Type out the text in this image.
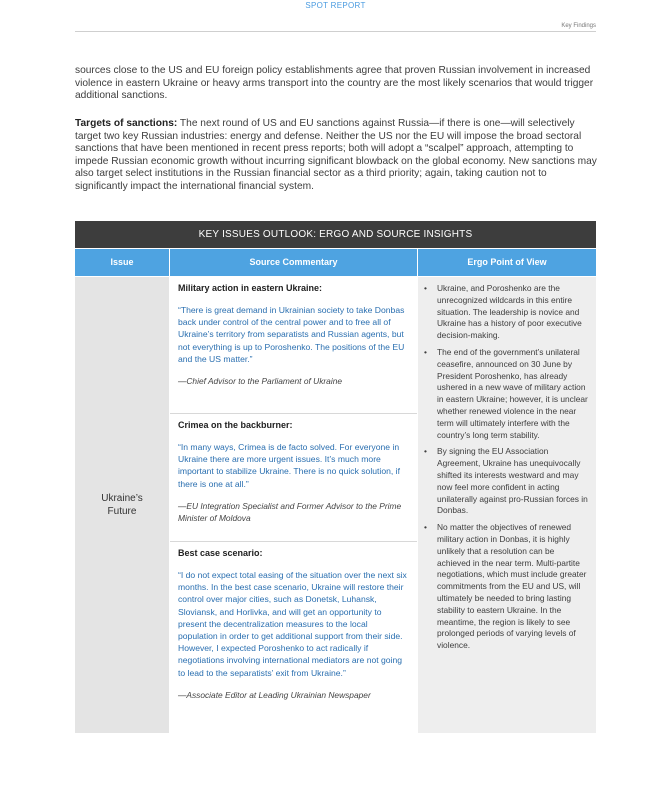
SPOT REPORT
Key Findings
sources close to the US and EU foreign policy establishments agree that proven Russian involvement in increased violence in eastern Ukraine or heavy arms transport into the country are the most likely scenarios that would trigger additional sanctions.
Targets of sanctions: The next round of US and EU sanctions against Russia—if there is one—will selectively target two key Russian industries: energy and defense. Neither the US nor the EU will impose the broad sectoral sanctions that have been mentioned in recent press reports; both will adopt a “scalpel” approach, attempting to impede Russian economic growth without incurring significant blowback on the global economy. New sanctions may also target select institutions in the Russian financial sector as a third priority; again, taking caution not to significantly impact the international financial system.
KEY ISSUES OUTLOOK: ERGO AND SOURCE INSIGHTS
Issue	Source Commentary	Ergo Point of View
Ukraine’s Future
Military action in eastern Ukraine:
“There is great demand in Ukrainian society to take Donbas back under control of the central power and to free all of Ukraine’s territory from separatists and Russian agents, but not everything is up to Poroshenko. The positions of the EU and the US matter.”
—Chief Advisor to the Parliament of Ukraine
Crimea on the backburner:
“In many ways, Crimea is de facto solved. For everyone in Ukraine there are more urgent issues. It’s much more important to stabilize Ukraine. There is no quick solution, if there is one at all.”
—EU Integration Specialist and Former Advisor to the Prime Minister of Moldova
Best case scenario:
“I do not expect total easing of the situation over the next six months. In the best case scenario, Ukraine will restore their control over major cities, such as Donetsk, Luhansk, Sloviansk, and Horlivka, and will get an opportunity to present the decentralization measures to the local population in order to get additional support from their side. However, I expected Poroshenko to act radically if negotiations involving international mediators are not going to lead to the separatists’ exit from Ukraine.”
—Associate Editor at Leading Ukrainian Newspaper
• Ukraine, and Poroshenko are the unrecognized wildcards in this entire situation. The leadership is novice and Ukraine has a history of poor executive decision-making.
• The end of the government’s unilateral ceasefire, announced on 30 June by President Poroshenko, has already ushered in a new wave of military action in eastern Ukraine; however, it is unclear whether renewed violence in the near term will ultimately interfere with the country’s long term stability.
• By signing the EU Association Agreement, Ukraine has unequivocally shifted its interests westward and may now feel more confident in acting unilaterally against pro-Russian forces in Donbas.
• No matter the objectives of renewed military action in Donbas, it is highly unlikely that a resolution can be achieved in the near term. Multi-partite negotiations, which must include greater commitments from the EU and US, will ultimately be needed to bring lasting stability to eastern Ukraine. In the meantime, the region is likely to see prolonged periods of varying levels of violence.
